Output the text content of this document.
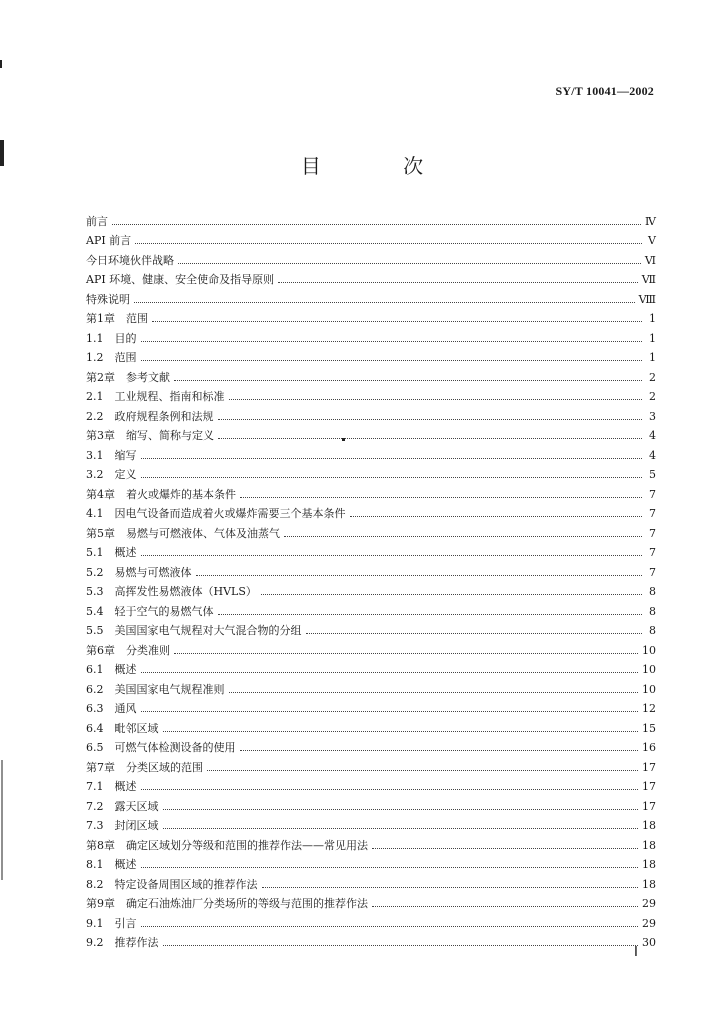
SY/T 10041—2002
目 次
前言	Ⅳ
API 前言	Ⅴ
今日环境伙伴战略	Ⅵ
API 环境、健康、安全使命及指导原则	Ⅶ
特殊说明	Ⅷ
第1章　范围	1
1.1　目的	1
1.2　范围	1
第2章　参考文献	2
2.1　工业规程、指南和标准	2
2.2　政府规程条例和法规	3
第3章　缩写、简称与定义	4
3.1　缩写	4
3.2　定义	5
第4章　着火或爆炸的基本条件	7
4.1　因电气设备而造成着火或爆炸需要三个基本条件	7
第5章　易燃与可燃液体、气体及油蒸气	7
5.1　概述	7
5.2　易燃与可燃液体	7
5.3　高挥发性易燃液体（HVLS）	8
5.4　轻于空气的易燃气体	8
5.5　美国国家电气规程对大气混合物的分组	8
第6章　分类准则	10
6.1　概述	10
6.2　美国国家电气规程准则	10
6.3　通风	12
6.4　毗邻区域	15
6.5　可燃气体检测设备的使用	16
第7章　分类区域的范围	17
7.1　概述	17
7.2　露天区域	17
7.3　封闭区域	18
第8章　确定区域划分等级和范围的推荐作法——常见用法	18
8.1　概述	18
8.2　特定设备周围区域的推荐作法	18
第9章　确定石油炼油厂分类场所的等级与范围的推荐作法	29
9.1　引言	29
9.2　推荐作法	30
Ⅰ
